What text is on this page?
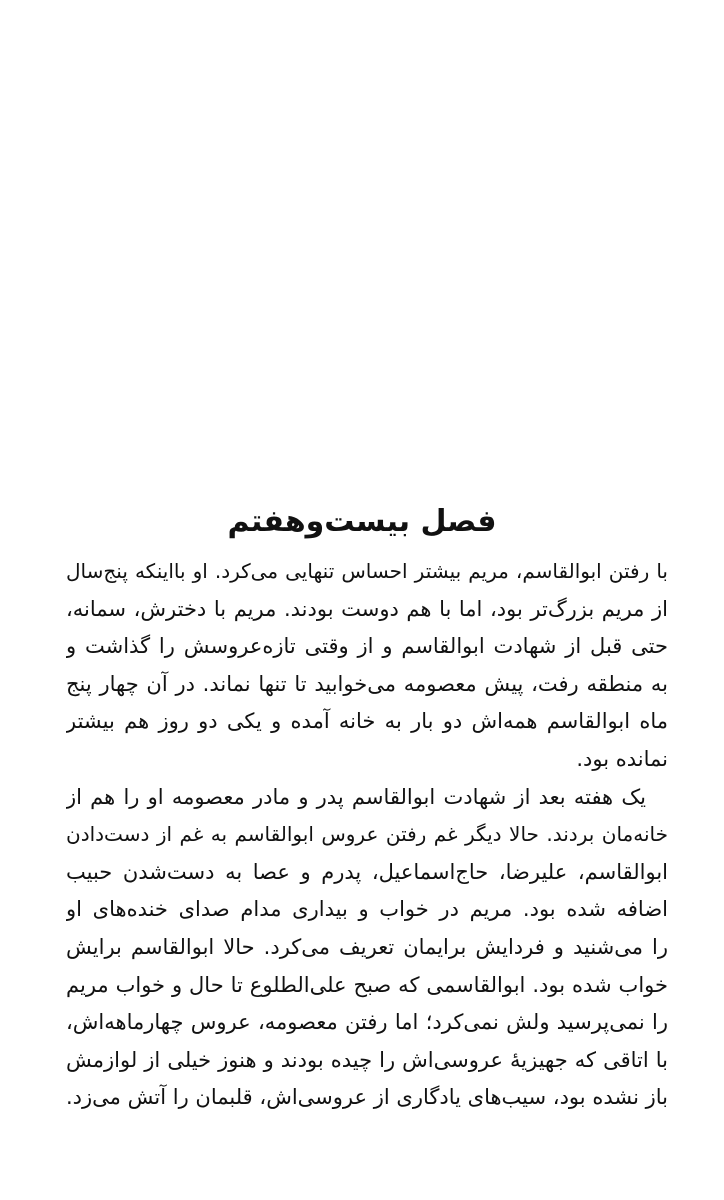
فصل بیست‌وهفتم
با رفتن ابوالقاسم، مریم بیشتر احساس تنهایی می‌کرد. او بااینکه پنج‌سال
از مریم بزرگ‌تر بود، اما با هم دوست بودند. مریم با دخترش، سمانه،
حتی قبل از شهادت ابوالقاسم و از وقتی تازه‌عروسش را گذاشت و
به منطقه رفت، پیش معصومه می‌خوابید تا تنها نماند. در آن چهار پنج
ماه ابوالقاسم همه‌اش دو بار به خانه آمده و یکی دو روز هم بیشتر
نمانده بود.
یک هفته بعد از شهادت ابوالقاسم پدر و مادر معصومه او را هم از
خانه‌مان بردند. حالا دیگر غم رفتن عروس ابوالقاسم به غم از دست‌دادن
ابوالقاسم، علیرضا، حاج‌اسماعیل، پدرم و عصا به دست‌شدن حبیب
اضافه شده بود. مریم در خواب و بیداری مدام صدای خنده‌های او
را می‌شنید و فردایش برایمان تعریف می‌کرد. حالا ابوالقاسم برایش
خواب شده بود. ابوالقاسمی که صبح علی‌الطلوع تا حال و خواب مریم
را نمی‌پرسید ولش نمی‌کرد؛ اما رفتن معصومه، عروس چهارماهه‌اش،
با اتاقی که جهیزیهٔ عروسی‌اش را چیده بودند و هنوز خیلی از لوازمش
باز نشده بود، سیب‌های یادگاری از عروسی‌اش، قلبمان را آتش می‌زد.
